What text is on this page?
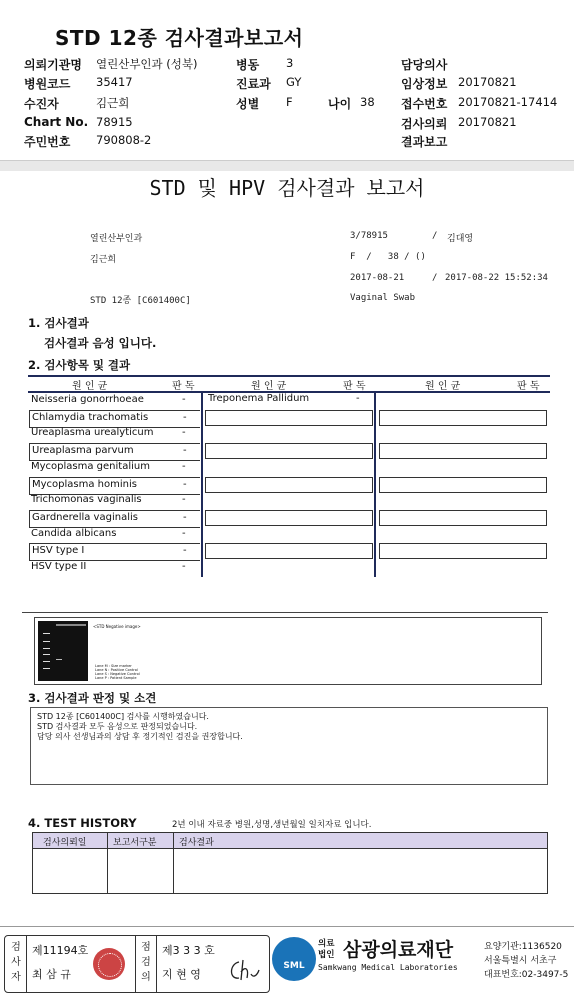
STD 12종 검사결과보고서
의뢰기관명 열린산부인과 (성북)
병원코드 35417
수진자	김근희
Chart No. 78915
주민번호 790808-2
병동 3
진료과 GY
성별 F	나이 38
담당의사
임상정보 20170821
접수번호 20170821-17414
검사의뢰 20170821
결과보고
STD 및 HPV 검사결과 보고서
열린산부인과	3/78915	/ 김대영
김근희	F  /   38 / ()
2017-08-21	/ 2017-08-22 15:52:34
STD 12종 [C601400C]	Vaginal Swab
1. 검사결과
검사결과 음성 입니다.
2. 검사항목 및 결과
원 인 균	판 독	원 인 균	판 독	원 인 균	판 독
Neisseria gonorrhoeae	-
Chlamydia trachomatis	-
Ureaplasma urealyticum	-
Ureaplasma parvum	-
Mycoplasma genitalium	-
Mycoplasma hominis	-
Trichomonas vaginalis	-
Gardnerella vaginalis	-
Candida albicans	-
HSV type I	-
HSV type II	-
Treponema Pallidum	-
<STD Negative image>
Lane M : Size marker
Lane N : Positive Control
Lane S : Negative Control
Lane P : Patient Sample
3. 검사결과 판정 및 소견
STD 12종 [C601400C] 검사를 시행하였습니다.
STD 검사결과 모두 음성으로 판정되었습니다.
담당 의사 선생님과의 상담 후 정기적인 검진을 권장합니다.
4. TEST HISTORY	2년 이내 자료중 병원,성명,생년월일 일치자료 입니다.
검사의뢰일	보고서구분	검사결과
검사자
제11194호
최 삼 규
점검의
제3 3 3 호
지 현 영
SML
의료법인 삼광의료재단
Samkwang Medical Laboratories
요양기관:1136520
서울특별시 서초구
대표번호:02-3497-5
